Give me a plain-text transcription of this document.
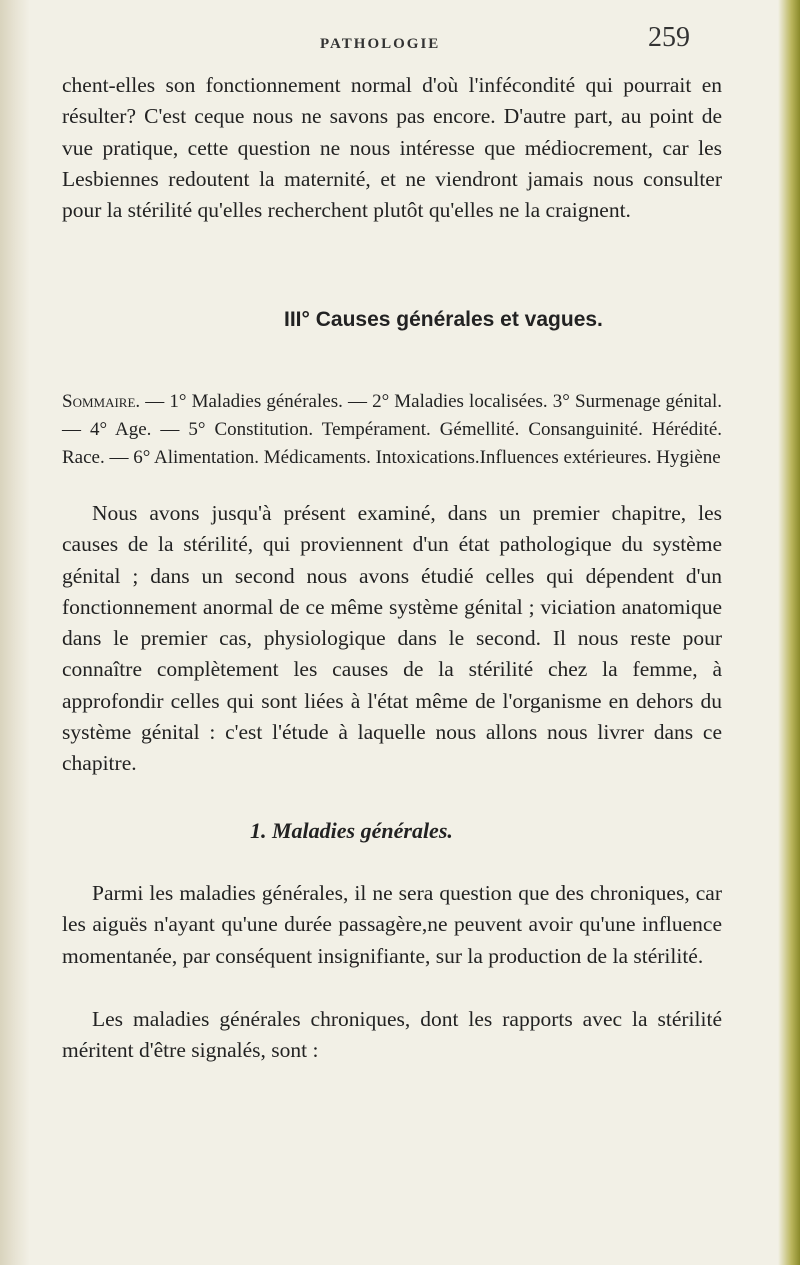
PATHOLOGIE	259

chent-elles son fonctionnement normal d'où l'infécondité qui pourrait en résulter? C'est ceque nous ne savons pas encore. D'autre part, au point de vue pratique, cette question ne nous intéresse que médiocrement, car les Lesbiennes redoutent la maternité, et ne viendront jamais nous consulter pour la stérilité qu'elles recherchent plutôt qu'elles ne la craignent.

III° Causes générales et vagues.

Sommaire. — 1° Maladies générales. — 2° Maladies localisées. 3° Surmenage génital. — 4° Age. — 5° Constitution. Tempérament. Gémellité. Consanguinité. Hérédité. Race. — 6° Alimentation. Médicaments. Intoxications.Influences extérieures. Hygiène

Nous avons jusqu'à présent examiné, dans un premier chapitre, les causes de la stérilité, qui proviennent d'un état pathologique du système génital ; dans un second nous avons étudié celles qui dépendent d'un fonctionnement anormal de ce même système génital ; viciation anatomique dans le premier cas, physiologique dans le second. Il nous reste pour connaître complètement les causes de la stérilité chez la femme, à approfondir celles qui sont liées à l'état même de l'organisme en dehors du système génital : c'est l'étude à laquelle nous allons nous livrer dans ce chapitre.

1. Maladies générales.

Parmi les maladies générales, il ne sera question que des chroniques, car les aiguës n'ayant qu'une durée passagère,ne peuvent avoir qu'une influence momentanée, par conséquent insignifiante, sur la production de la stérilité.

Les maladies générales chroniques, dont les rapports avec la stérilité méritent d'être signalés, sont :
